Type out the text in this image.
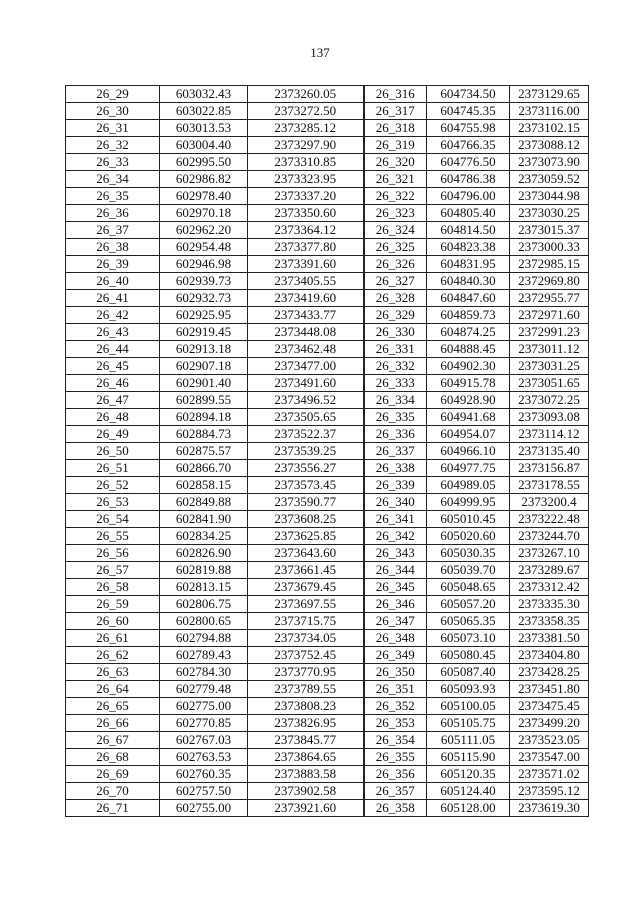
137
26_29	603032.43	2373260.05	26_316	604734.50	2373129.65
26_30	603022.85	2373272.50	26_317	604745.35	2373116.00
26_31	603013.53	2373285.12	26_318	604755.98	2373102.15
26_32	603004.40	2373297.90	26_319	604766.35	2373088.12
26_33	602995.50	2373310.85	26_320	604776.50	2373073.90
26_34	602986.82	2373323.95	26_321	604786.38	2373059.52
26_35	602978.40	2373337.20	26_322	604796.00	2373044.98
26_36	602970.18	2373350.60	26_323	604805.40	2373030.25
26_37	602962.20	2373364.12	26_324	604814.50	2373015.37
26_38	602954.48	2373377.80	26_325	604823.38	2373000.33
26_39	602946.98	2373391.60	26_326	604831.95	2372985.15
26_40	602939.73	2373405.55	26_327	604840.30	2372969.80
26_41	602932.73	2373419.60	26_328	604847.60	2372955.77
26_42	602925.95	2373433.77	26_329	604859.73	2372971.60
26_43	602919.45	2373448.08	26_330	604874.25	2372991.23
26_44	602913.18	2373462.48	26_331	604888.45	2373011.12
26_45	602907.18	2373477.00	26_332	604902.30	2373031.25
26_46	602901.40	2373491.60	26_333	604915.78	2373051.65
26_47	602899.55	2373496.52	26_334	604928.90	2373072.25
26_48	602894.18	2373505.65	26_335	604941.68	2373093.08
26_49	602884.73	2373522.37	26_336	604954.07	2373114.12
26_50	602875.57	2373539.25	26_337	604966.10	2373135.40
26_51	602866.70	2373556.27	26_338	604977.75	2373156.87
26_52	602858.15	2373573.45	26_339	604989.05	2373178.55
26_53	602849.88	2373590.77	26_340	604999.95	2373200.4
26_54	602841.90	2373608.25	26_341	605010.45	2373222.48
26_55	602834.25	2373625.85	26_342	605020.60	2373244.70
26_56	602826.90	2373643.60	26_343	605030.35	2373267.10
26_57	602819.88	2373661.45	26_344	605039.70	2373289.67
26_58	602813.15	2373679.45	26_345	605048.65	2373312.42
26_59	602806.75	2373697.55	26_346	605057.20	2373335.30
26_60	602800.65	2373715.75	26_347	605065.35	2373358.35
26_61	602794.88	2373734.05	26_348	605073.10	2373381.50
26_62	602789.43	2373752.45	26_349	605080.45	2373404.80
26_63	602784.30	2373770.95	26_350	605087.40	2373428.25
26_64	602779.48	2373789.55	26_351	605093.93	2373451.80
26_65	602775.00	2373808.23	26_352	605100.05	2373475.45
26_66	602770.85	2373826.95	26_353	605105.75	2373499.20
26_67	602767.03	2373845.77	26_354	605111.05	2373523.05
26_68	602763.53	2373864.65	26_355	605115.90	2373547.00
26_69	602760.35	2373883.58	26_356	605120.35	2373571.02
26_70	602757.50	2373902.58	26_357	605124.40	2373595.12
26_71	602755.00	2373921.60	26_358	605128.00	2373619.30
